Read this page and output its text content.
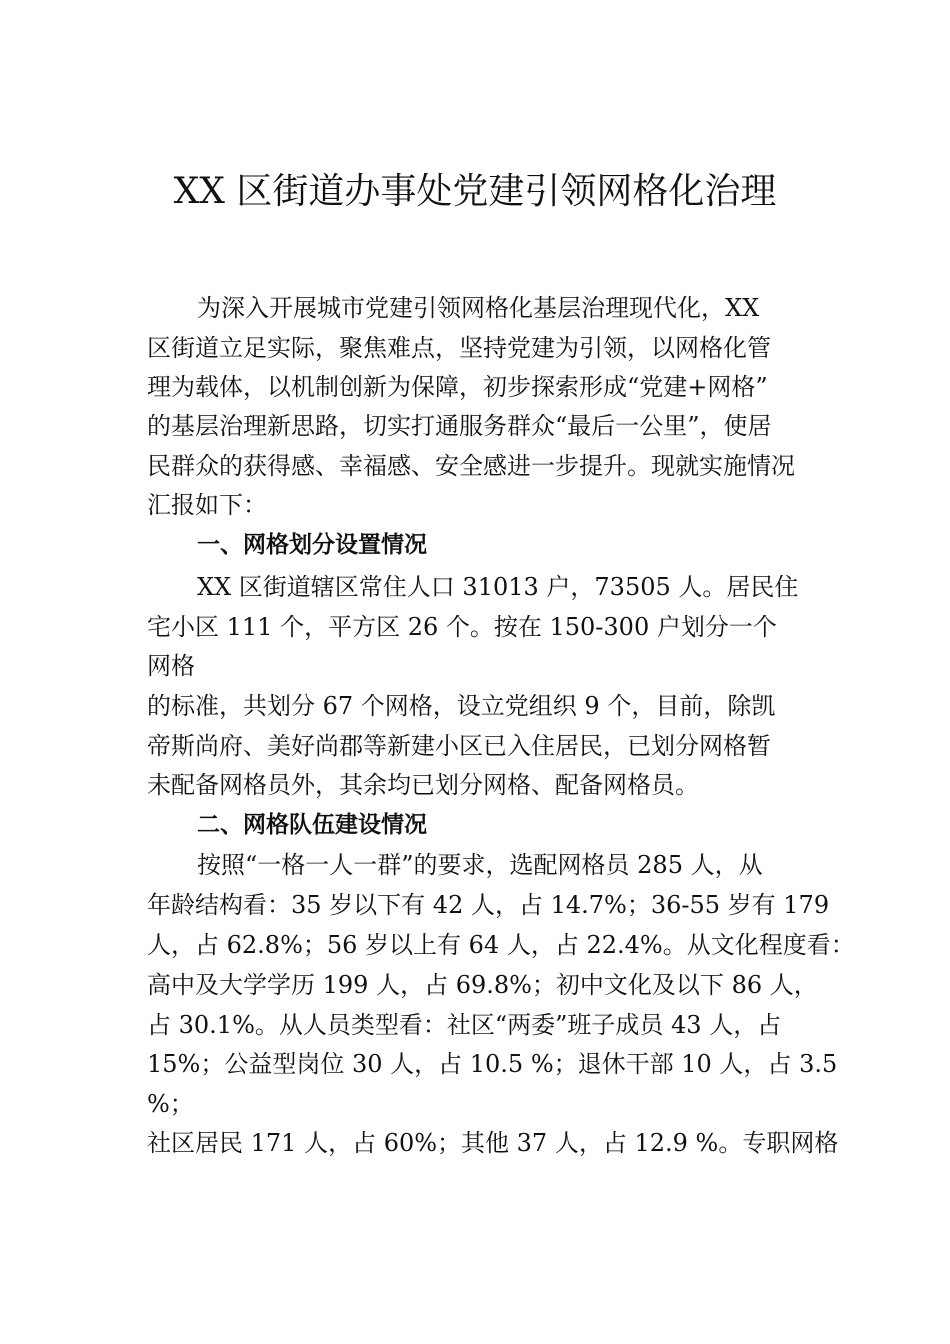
XX 区街道办事处党建引领网格化治理
为深入开展城市党建引领网格化基层治理现代化，XX
区街道立足实际，聚焦难点，坚持党建为引领，以网格化管
理为载体，以机制创新为保障，初步探索形成“党建+网格”
的基层治理新思路，切实打通服务群众“最后一公里”，使居
民群众的获得感、幸福感、安全感进一步提升。现就实施情况
汇报如下：
一、网格划分设置情况
XX 区街道辖区常住人口 31013 户，73505 人。居民住
宅小区 111 个，平方区 26 个。按在 150-300 户划分一个
网格
的标准，共划分 67 个网格，设立党组织 9 个，目前，除凯
帝斯尚府、美好尚郡等新建小区已入住居民，已划分网格暂
未配备网格员外，其余均已划分网格、配备网格员。
二、网格队伍建设情况
按照“一格一人一群”的要求，选配网格员 285 人，从
年龄结构看：35 岁以下有 42 人，占 14.7%；36-55 岁有 179
人，占 62.8%；56 岁以上有 64 人，占 22.4%。从文化程度看：
高中及大学学历 199 人，占 69.8%；初中文化及以下 86 人，
占 30.1%。从人员类型看：社区“两委”班子成员 43 人，占
15%；公益型岗位 30 人，占 10.5 %；退休干部 10 人，占 3.5
%；
社区居民 171 人，占 60%；其他 37 人，占 12.9 %。专职网格
